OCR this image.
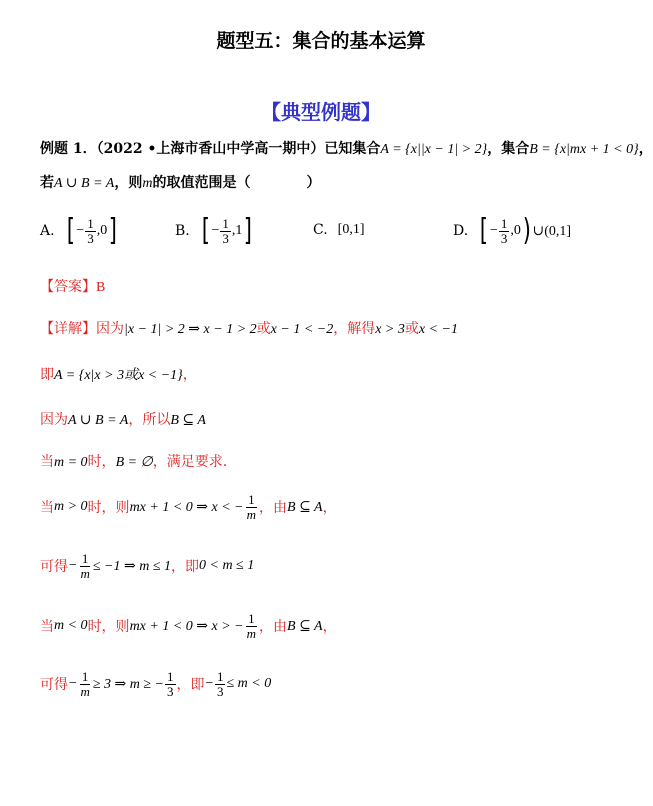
题型五：集合的基本运算
【典型例题】
例题 1．（2022 •上海市香山中学高一期中）已知集合A = {x||x − 1| > 2}，集合B = {x|mx + 1 < 0}，
若A ∪ B = A，则m的取值范围是（　　　　）
A. [ − $\frac{1}{3} ,0$ ]	B. [ − $\frac{1}{3} ,1$ ]	C. [0,1]	D. [ − $\frac{1}{3} ,0$ ) ∪(0,1]
【答案】B
【详解】因为|x − 1| > 2 ⇒ x − 1 > 2或x − 1 < −2，解得x > 3或x < −1
即A = {x|x > 3或x < −1}，
因为A ∪ B = A，所以B ⊆ A
当m = 0时，B = ∅，满足要求.
当 m > 0 时，则 mx + 1 < 0 ⇒ x < − $\frac{1}{m}$ ，由 B ⊆ A ，
可得 − $\frac{1}{m} \le -1$ ⇒ m ≤ 1 ，即 0 < m ≤ 1
当 m < 0 时，则 mx + 1 < 0 ⇒ x > − $\frac{1}{m}$ ，由 B ⊆ A ，
可得 − $\frac{1}{m} \ge 3$ ⇒ m ≥ − $\frac{1}{3}$ ，即 − $\frac{1}{3} \le m < 0$
